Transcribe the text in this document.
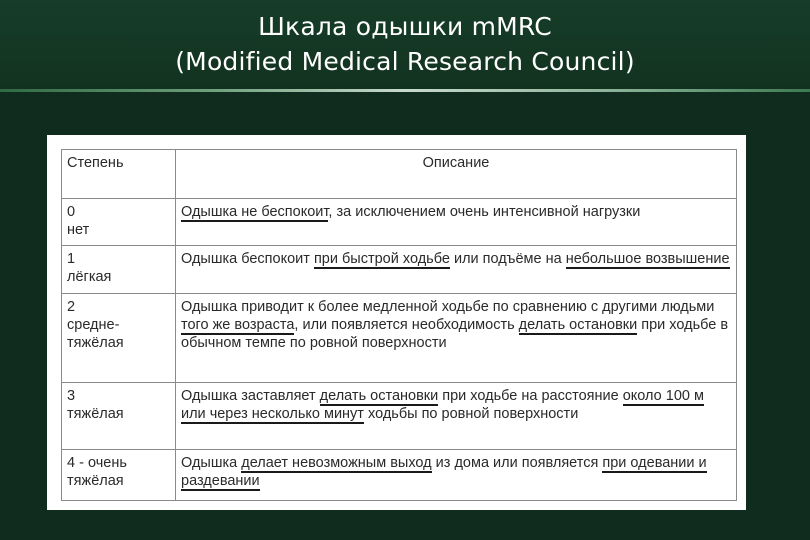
Шкала одышки mMRC
(Modified Medical Research Council)
Степень	Описание
0
нет	Одышка не беспокоит, за исключением очень интенсивной нагрузки
1
лёгкая	Одышка беспокоит при быстрой ходьбе или подъёме на небольшое возвышение
2
средне-
тяжёлая	Одышка приводит к более медленной ходьбе по сравнению с другими людьми того же возраста, или появляется необходимость делать остановки при ходьбе в обычном темпе по ровной поверхности
3
тяжёлая	Одышка заставляет делать остановки при ходьбе на расстояние около 100 м или через несколько минут ходьбы по ровной поверхности
4 - очень
тяжёлая	Одышка делает невозможным выход из дома или появляется при одевании и раздевании
